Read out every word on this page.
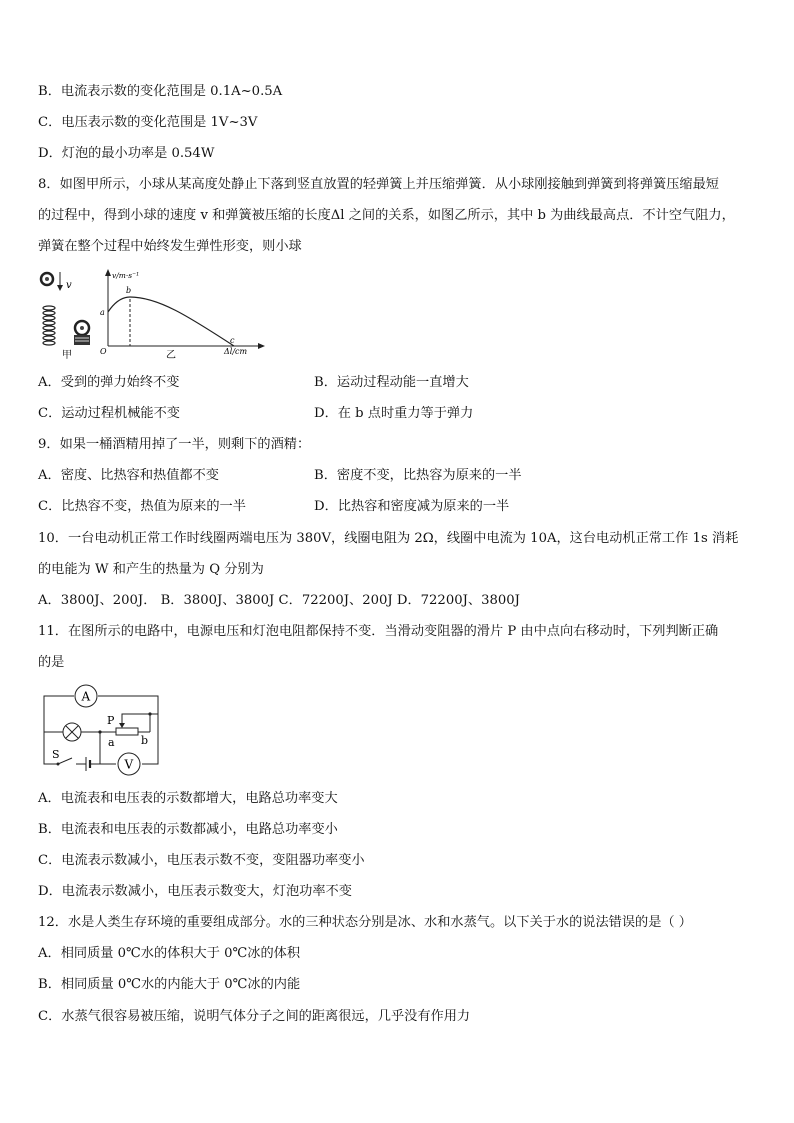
B．电流表示数的变化范围是 0.1A~0.5A
C．电压表示数的变化范围是 1V~3V
D．灯泡的最小功率是 0.54W
8．如图甲所示，小球从某高度处静止下落到竖直放置的轻弹簧上并压缩弹簧．从小球刚接触到弹簧到将弹簧压缩最短
的过程中，得到小球的速度 v 和弹簧被压缩的长度Δl 之间的关系，如图乙所示，其中 b 为曲线最高点．不计空气阻力，
弹簧在整个过程中始终发生弹性形变，则小球
v
甲
v/m·s⁻¹
Δl/cm
O
a
b
c
乙
A．受到的弹力始终不变	B．运动过程动能一直增大
C．运动过程机械能不变	D．在 b 点时重力等于弹力
9．如果一桶酒精用掉了一半，则剩下的酒精：
A．密度、比热容和热值都不变	B．密度不变，比热容为原来的一半
C．比热容不变，热值为原来的一半	D．比热容和密度减为原来的一半
10．一台电动机正常工作时线圈两端电压为 380V，线圈电阻为 2Ω，线圈中电流为 10A，这台电动机正常工作 1s 消耗
的电能为 W 和产生的热量为 Q 分别为
A．3800J、200J． B．3800J、3800J C．72200J、200J D．72200J、3800J
11．在图所示的电路中，电源电压和灯泡电阻都保持不变．当滑动变阻器的滑片 P 由中点向右移动时，下列判断正确
的是
A
V
P
a b
S
A．电流表和电压表的示数都增大，电路总功率变大
B．电流表和电压表的示数都减小，电路总功率变小
C．电流表示数减小，电压表示数不变，变阻器功率变小
D．电流表示数减小，电压表示数变大，灯泡功率不变
12．水是人类生存环境的重要组成部分。水的三种状态分别是冰、水和水蒸气。以下关于水的说法错误的是（ ）
A．相同质量 0℃水的体积大于 0℃冰的体积
B．相同质量 0℃水的内能大于 0℃冰的内能
C．水蒸气很容易被压缩，说明气体分子之间的距离很远，几乎没有作用力
